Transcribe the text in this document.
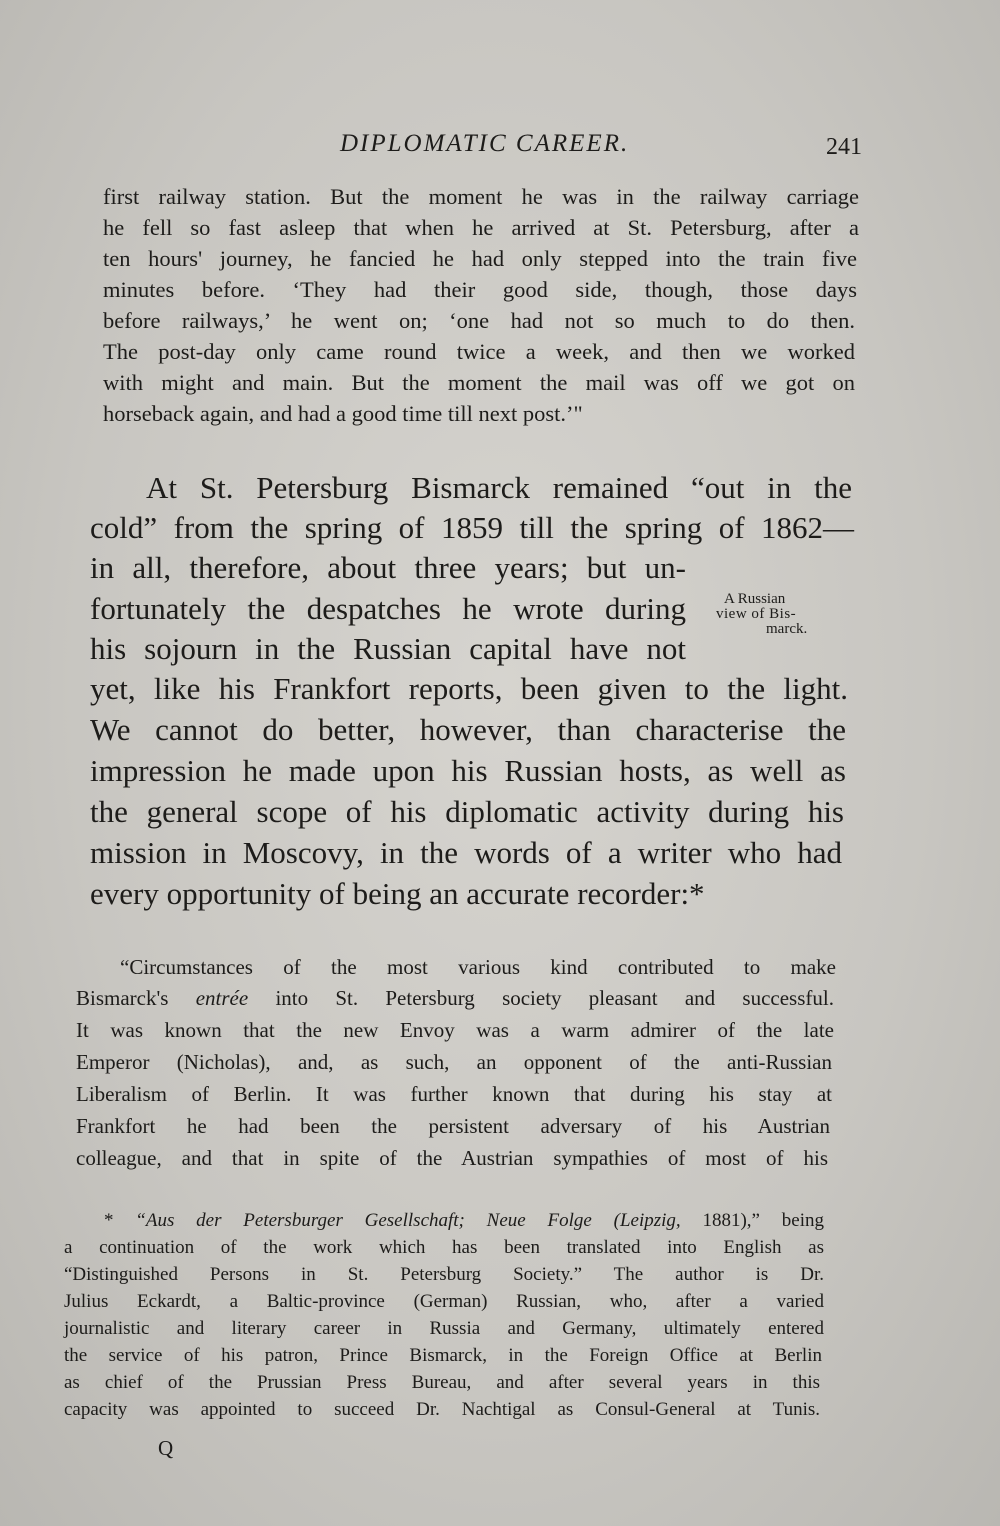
DIPLOMATIC CAREER.	241
first railway station. But the moment he was in the railway carriage
he fell so fast asleep that when he arrived at St. Petersburg, after a
ten hours' journey, he fancied he had only stepped into the train five
minutes before. ‘They had their good side, though, those days
before railways,’ he went on; ‘one had not so much to do then.
The post-day only came round twice a week, and then we worked
with might and main. But the moment the mail was off we got on
horseback again, and had a good time till next post.’"
At St. Petersburg Bismarck remained “out in the
cold” from the spring of 1859 till the spring of 1862—
in all, therefore, about three years; but un-
fortunately the despatches he wrote during
his sojourn in the Russian capital have not
yet, like his Frankfort reports, been given to the light.
We cannot do better, however, than characterise the
impression he made upon his Russian hosts, as well as
the general scope of his diplomatic activity during his
mission in Moscovy, in the words of a writer who had
every opportunity of being an accurate recorder:*
A Russian
view of Bis-
marck.
“Circumstances of the most various kind contributed to make
Bismarck's entrée into St. Petersburg society pleasant and successful.
It was known that the new Envoy was a warm admirer of the late
Emperor (Nicholas), and, as such, an opponent of the anti-Russian
Liberalism of Berlin. It was further known that during his stay at
Frankfort he had been the persistent adversary of his Austrian
colleague, and that in spite of the Austrian sympathies of most of his
* “Aus der Petersburger Gesellschaft; Neue Folge (Leipzig, 1881),” being
a continuation of the work which has been translated into English as
“Distinguished Persons in St. Petersburg Society.” The author is Dr.
Julius Eckardt, a Baltic-province (German) Russian, who, after a varied
journalistic and literary career in Russia and Germany, ultimately entered
the service of his patron, Prince Bismarck, in the Foreign Office at Berlin
as chief of the Prussian Press Bureau, and after several years in this
capacity was appointed to succeed Dr. Nachtigal as Consul-General at Tunis.
Q
